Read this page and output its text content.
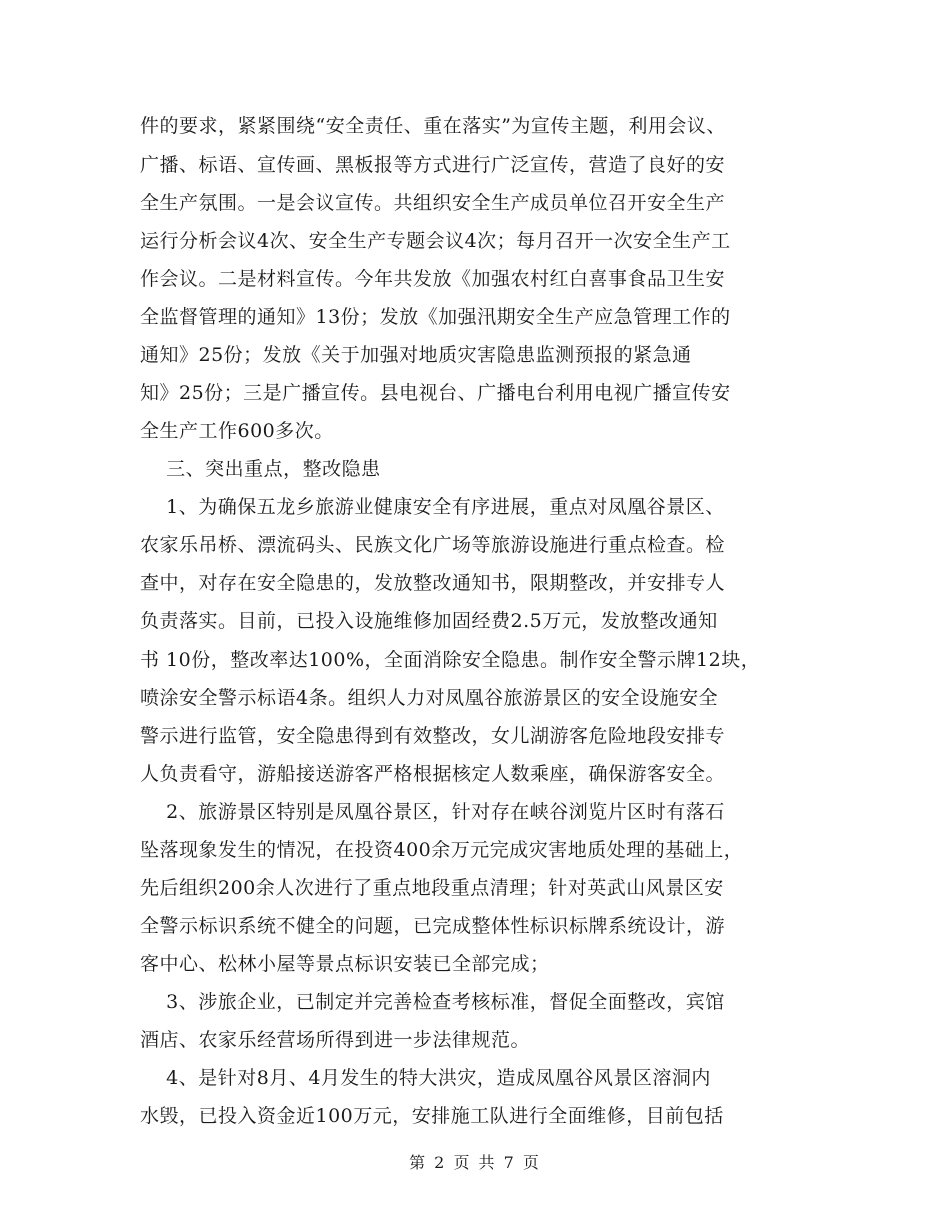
件的要求，紧紧围绕“安全责任、重在落实”为宣传主题，利用会议、
广播、标语、宣传画、黑板报等方式进行广泛宣传，营造了良好的安
全生产氛围。一是会议宣传。共组织安全生产成员单位召开安全生产
运行分析会议4次、安全生产专题会议4次；每月召开一次安全生产工
作会议。二是材料宣传。今年共发放《加强农村红白喜事食品卫生安
全监督管理的通知》13份；发放《加强汛期安全生产应急管理工作的
通知》25份；发放《关于加强对地质灾害隐患监测预报的紧急通
知》25份；三是广播宣传。县电视台、广播电台利用电视广播宣传安
全生产工作600多次。
三、突出重点，整改隐患
1、为确保五龙乡旅游业健康安全有序进展，重点对凤凰谷景区、
农家乐吊桥、漂流码头、民族文化广场等旅游设施进行重点检查。检
查中，对存在安全隐患的，发放整改通知书，限期整改，并安排专人
负责落实。目前，已投入设施维修加固经费2.5万元，发放整改通知
书 10份，整改率达100%，全面消除安全隐患。制作安全警示牌12块，
喷涂安全警示标语4条。组织人力对凤凰谷旅游景区的安全设施安全
警示进行监管，安全隐患得到有效整改，女儿湖游客危险地段安排专
人负责看守，游船接送游客严格根据核定人数乘座，确保游客安全。
2、旅游景区特别是凤凰谷景区，针对存在峡谷浏览片区时有落石
坠落现象发生的情况，在投资400余万元完成灾害地质处理的基础上，
先后组织200余人次进行了重点地段重点清理；针对英武山风景区安
全警示标识系统不健全的问题，已完成整体性标识标牌系统设计，游
客中心、松林小屋等景点标识安装已全部完成；
3、涉旅企业，已制定并完善检查考核标准，督促全面整改，宾馆
酒店、农家乐经营场所得到进一步法律规范。
4、是针对8月、4月发生的特大洪灾，造成凤凰谷风景区溶洞内
水毁，已投入资金近100万元，安排施工队进行全面维修，目前包括
第 2 页 共 7 页
